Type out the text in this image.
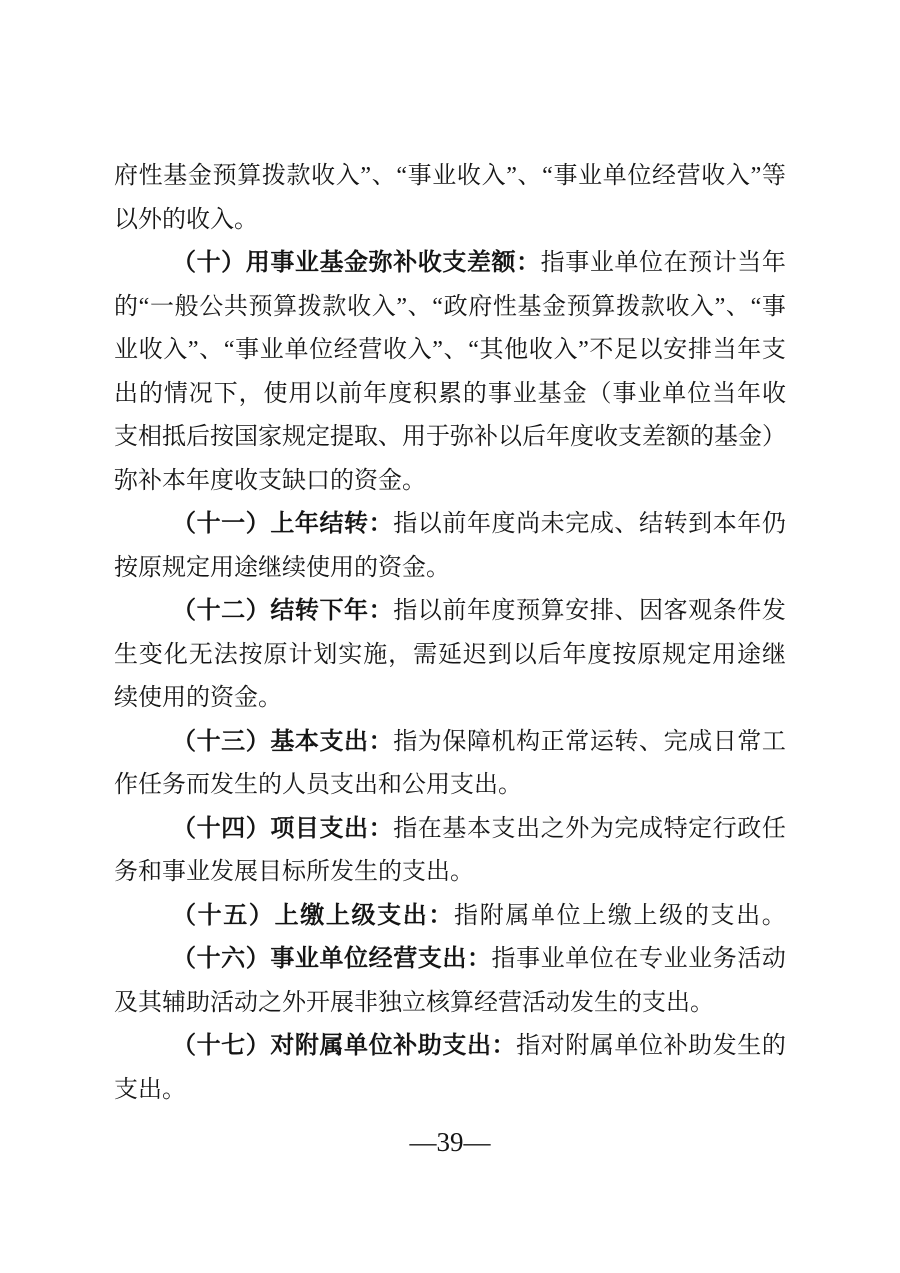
府 性 基 金 预 算 拨 款 收 入 ” 、 “ 事 业 收 入 ” 、 “ 事 业 单 位 经 营 收 入 ” 等
以外的收入。
（ 十 ） 用 事 业 基 金 弥 补 收 支 差 额 ： 指 事 业 单 位 在 预 计 当 年
的 “ 一 般 公 共 预 算 拨 款 收 入 ” 、 “ 政 府 性 基 金 预 算 拨 款 收 入 ” 、 “ 事
业 收 入 ” 、 “ 事 业 单 位 经 营 收 入 ” 、 “ 其 他 收 入 ” 不 足 以 安 排 当 年 支
出 的 情 况 下 ， 使 用 以 前 年 度 积 累 的 事 业 基 金 （ 事 业 单 位 当 年 收
支 相 抵 后 按 国 家 规 定 提 取 、 用 于 弥 补 以 后 年 度 收 支 差 额 的 基 金 ）
弥补本年度收支缺口的资金。
（ 十 一 ） 上 年 结 转 ： 指 以 前 年 度 尚 未 完 成 、 结 转 到 本 年 仍
按原规定用途继续使用的资金。
（ 十 二 ） 结 转 下 年 ： 指 以 前 年 度 预 算 安 排 、 因 客 观 条 件 发
生 变 化 无 法 按 原 计 划 实 施 ， 需 延 迟 到 以 后 年 度 按 原 规 定 用 途 继
续使用的资金。
（ 十 三 ） 基 本 支 出 ： 指 为 保 障 机 构 正 常 运 转 、 完 成 日 常 工
作任务而发生的人员支出和公用支出。
（ 十 四 ） 项 目 支 出 ： 指 在 基 本 支 出 之 外 为 完 成 特 定 行 政 任
务和事业发展目标所发生的支出。
（ 十 五 ） 上 缴 上 级 支 出 ： 指 附 属 单 位 上 缴 上 级 的 支 出 。
（ 十 六 ） 事 业 单 位 经 营 支 出 ： 指 事 业 单 位 在 专 业 业 务 活 动
及其辅助活动之外开展非独立核算经营活动发生的支出。
（ 十 七 ） 对 附 属 单 位 补 助 支 出 ： 指 对 附 属 单 位 补 助 发 生 的
支出。
—39—
